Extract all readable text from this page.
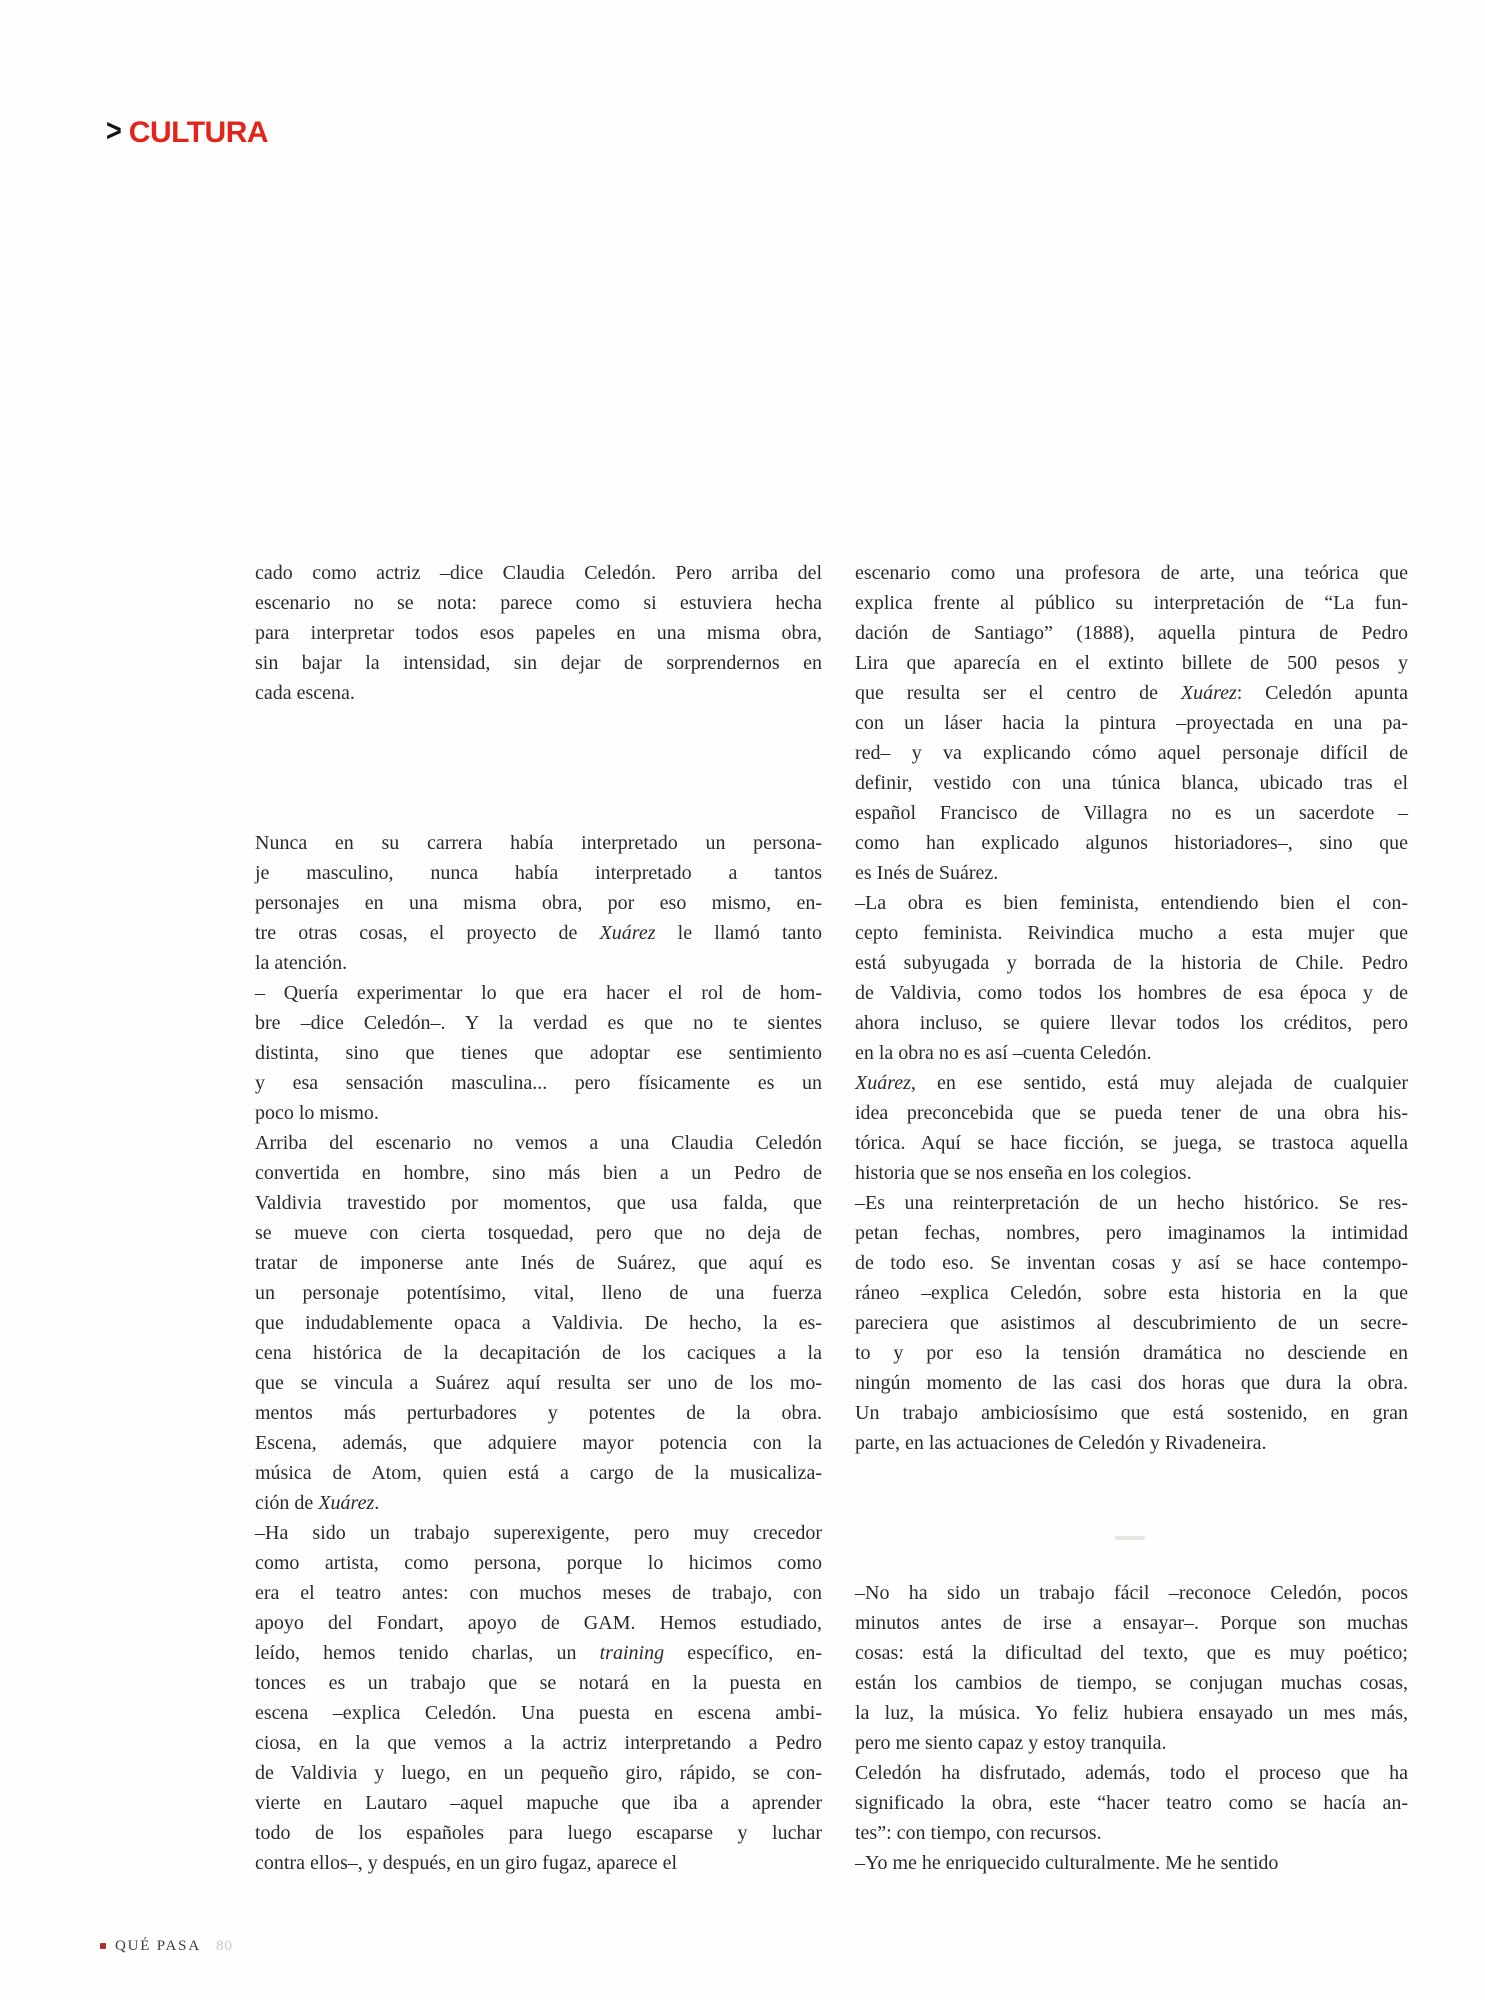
> CULTURA
cado como actriz –dice Claudia Celedón. Pero arriba del
escenario no se nota: parece como si estuviera hecha
para interpretar todos esos papeles en una misma obra,
sin bajar la intensidad, sin dejar de sorprendernos en
cada escena.
Nunca en su carrera había interpretado un persona-
je masculino, nunca había interpretado a tantos
personajes en una misma obra, por eso mismo, en-
tre otras cosas, el proyecto de Xuárez le llamó tanto
la atención.
– Quería experimentar lo que era hacer el rol de hom-
bre –dice Celedón–. Y la verdad es que no te sientes
distinta, sino que tienes que adoptar ese sentimiento
y esa sensación masculina... pero físicamente es un
poco lo mismo.
Arriba del escenario no vemos a una Claudia Celedón
convertida en hombre, sino más bien a un Pedro de
Valdivia travestido por momentos, que usa falda, que
se mueve con cierta tosquedad, pero que no deja de
tratar de imponerse ante Inés de Suárez, que aquí es
un personaje potentísimo, vital, lleno de una fuerza
que indudablemente opaca a Valdivia. De hecho, la es-
cena histórica de la decapitación de los caciques a la
que se vincula a Suárez aquí resulta ser uno de los mo-
mentos más perturbadores y potentes de la obra.
Escena, además, que adquiere mayor potencia con la
música de Atom, quien está a cargo de la musicaliza-
ción de Xuárez.
–Ha sido un trabajo superexigente, pero muy crecedor
como artista, como persona, porque lo hicimos como
era el teatro antes: con muchos meses de trabajo, con
apoyo del Fondart, apoyo de GAM. Hemos estudiado,
leído, hemos tenido charlas, un training específico, en-
tonces es un trabajo que se notará en la puesta en
escena –explica Celedón. Una puesta en escena ambi-
ciosa, en la que vemos a la actriz interpretando a Pedro
de Valdivia y luego, en un pequeño giro, rápido, se con-
vierte en Lautaro –aquel mapuche que iba a aprender
todo de los españoles para luego escaparse y luchar
contra ellos–, y después, en un giro fugaz, aparece el
escenario como una profesora de arte, una teórica que
explica frente al público su interpretación de “La fun-
dación de Santiago” (1888), aquella pintura de Pedro
Lira que aparecía en el extinto billete de 500 pesos y
que resulta ser el centro de Xuárez: Celedón apunta
con un láser hacia la pintura –proyectada en una pa-
red– y va explicando cómo aquel personaje difícil de
definir, vestido con una túnica blanca, ubicado tras el
español Francisco de Villagra no es un sacerdote –
como han explicado algunos historiadores–, sino que
es Inés de Suárez.
–La obra es bien feminista, entendiendo bien el con-
cepto feminista. Reivindica mucho a esta mujer que
está subyugada y borrada de la historia de Chile. Pedro
de Valdivia, como todos los hombres de esa época y de
ahora incluso, se quiere llevar todos los créditos, pero
en la obra no es así –cuenta Celedón.
Xuárez, en ese sentido, está muy alejada de cualquier
idea preconcebida que se pueda tener de una obra his-
tórica. Aquí se hace ficción, se juega, se trastoca aquella
historia que se nos enseña en los colegios.
–Es una reinterpretación de un hecho histórico. Se res-
petan fechas, nombres, pero imaginamos la intimidad
de todo eso. Se inventan cosas y así se hace contempo-
ráneo –explica Celedón, sobre esta historia en la que
pareciera que asistimos al descubrimiento de un secre-
to y por eso la tensión dramática no desciende en
ningún momento de las casi dos horas que dura la obra.
Un trabajo ambiciosísimo que está sostenido, en gran
parte, en las actuaciones de Celedón y Rivadeneira.
–No ha sido un trabajo fácil –reconoce Celedón, pocos
minutos antes de irse a ensayar–. Porque son muchas
cosas: está la dificultad del texto, que es muy poético;
están los cambios de tiempo, se conjugan muchas cosas,
la luz, la música. Yo feliz hubiera ensayado un mes más,
pero me siento capaz y estoy tranquila.
Celedón ha disfrutado, además, todo el proceso que ha
significado la obra, este “hacer teatro como se hacía an-
tes”: con tiempo, con recursos.
–Yo me he enriquecido culturalmente. Me he sentido
QUÉ PASA 80
